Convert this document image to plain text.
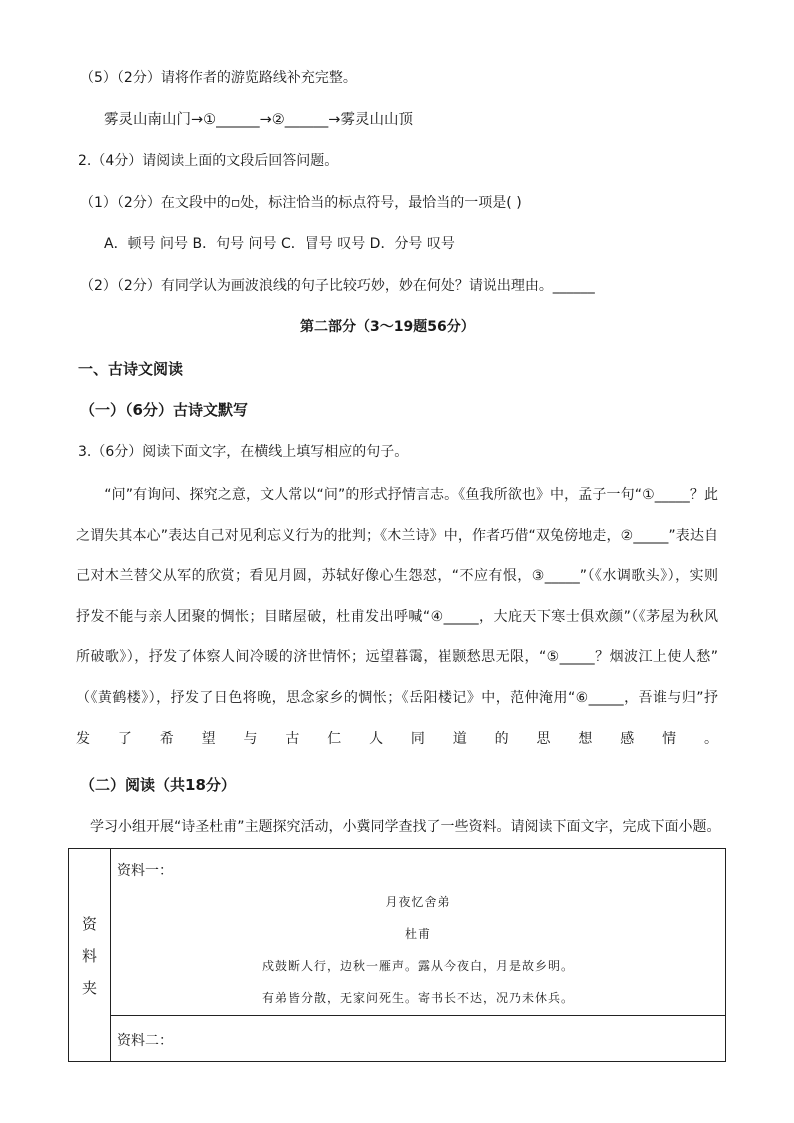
（5）（2分）请将作者的游览路线补充完整。
雾灵山南山门→①______→②______→雾灵山山顶
2.（4分）请阅读上面的文段后回答问题。
（1）（2分）在文段中的▫处，标注恰当的标点符号，最恰当的一项是( )
A．顿号 问号 B．句号 问号 C．冒号 叹号 D．分号 叹号
（2）（2分）有同学认为画波浪线的句子比较巧妙，妙在何处？请说出理由。______
第二部分（3～19题56分）
一、古诗文阅读
（一）（6分）古诗文默写
3.（6分）阅读下面文字，在横线上填写相应的句子。
　　“问”有询问、探究之意，文人常以“问”的形式抒情言志。《鱼我所欲也》中，孟子一句“①_____？此
之谓失其本心”表达自己对见利忘义行为的批判；《木兰诗》中，作者巧借“双兔傍地走，②_____”表达自
己对木兰替父从军的欣赏；看见月圆，苏轼好像心生怨怼，“不应有恨，③_____”（《水调歌头》），实则
抒发不能与亲人团聚的惆怅；目睹屋破，杜甫发出呼喊“④_____，大庇天下寒士俱欢颜”（《茅屋为秋风
所破歌》），抒发了体察人间冷暖的济世情怀；远望暮霭，崔颢愁思无限，“⑤_____？烟波江上使人愁”
（《黄鹤楼》），抒发了日色将晚，思念家乡的惆怅；《岳阳楼记》中，范仲淹用“⑥_____，吾谁与归”抒
发了希望与古仁人同道的思想感情。
（二）阅读（共18分）
学习小组开展“诗圣杜甫”主题探究活动，小冀同学查找了一些资料。请阅读下面文字，完成下面小题。
资
料
夹
资料一：
月夜忆舍弟
杜甫
戍鼓断人行，边秋一雁声。露从今夜白，月是故乡明。
有弟皆分散，无家问死生。寄书长不达，况乃未休兵。
资料二：
